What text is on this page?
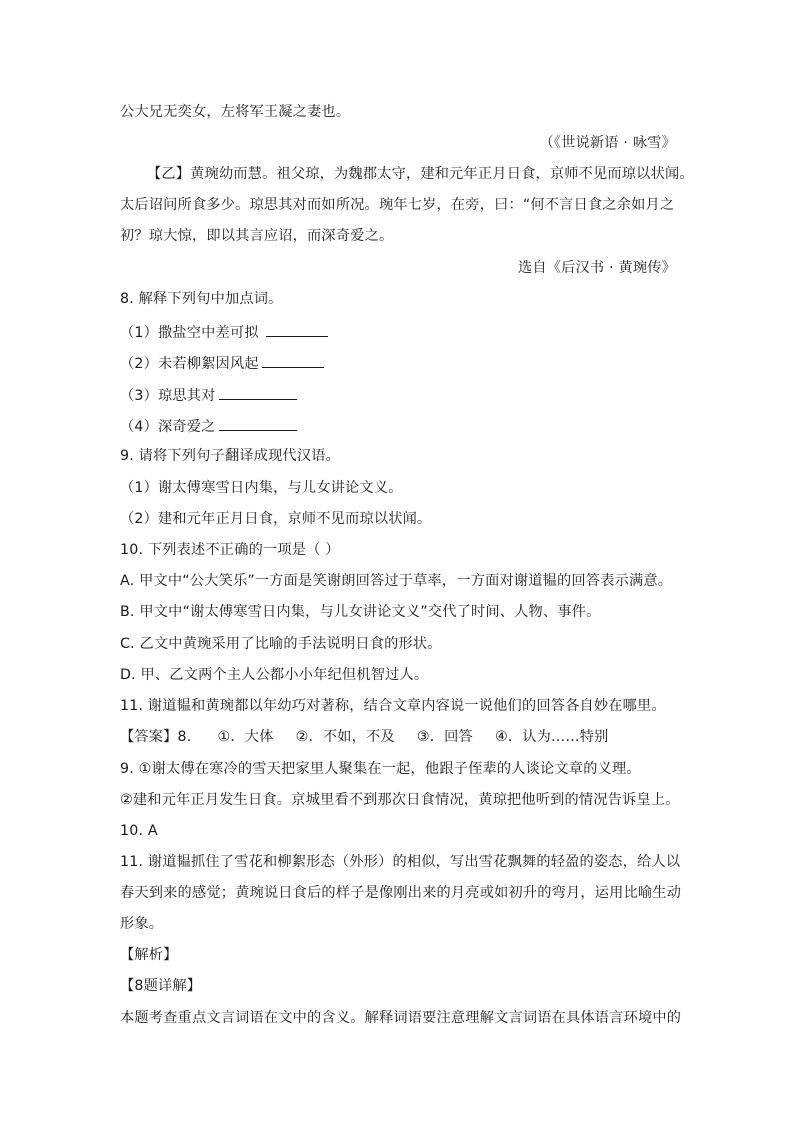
公大兄无奕女，左将军王凝之妻也。
（《世说新语 · 咏雪》
【乙】黄琬幼而慧。祖父琼，为魏郡太守，建和元年正月日食，京师不见而琼以状闻。
太后诏问所食多少。琼思其对而如所况。琬年七岁，在旁，曰：“何不言日食之余如月之
初？琼大惊，即以其言应诏，而深奇爱之。
选自《后汉书 · 黄琬传》
8. 解释下列句中加点词。
（1）撒盐空中差可拟
（2）未若柳絮因风起
（3）琼思其对
（4）深奇爱之
9. 请将下列句子翻译成现代汉语。
（1）谢太傅寒雪日内集，与儿女讲论文义。
（2）建和元年正月日食，京师不见而琼以状闻。
10. 下列表述不正确的一项是（ ）
A. 甲文中“公大笑乐”一方面是笑谢朗回答过于草率，一方面对谢道韫的回答表示满意。
B. 甲文中“谢太傅寒雪日内集，与儿女讲论文义”交代了时间、人物、事件。
C. 乙文中黄琬采用了比喻的手法说明日食的形状。
D. 甲、乙文两个主人公都小小年纪但机智过人。
11. 谢道韫和黄琬都以年幼巧对著称，结合文章内容说一说他们的回答各自妙在哪里。
【答案】8. ①．大体 ②．不如，不及 ③．回答 ④．认为……特别
9. ①谢太傅在寒冷的雪天把家里人聚集在一起，他跟子侄辈的人谈论文章的义理。
②建和元年正月发生日食。京城里看不到那次日食情况，黄琼把他听到的情况告诉皇上。
10. A
11. 谢道韫抓住了雪花和柳絮形态（外形）的相似，写出雪花飘舞的轻盈的姿态，给人以
春天到来的感觉；黄琬说日食后的样子是像刚出来的月亮或如初升的弯月，运用比喻生动
形象。
【解析】
【8题详解】
本题考查重点文言词语在文中的含义。解释词语要注意理解文言词语在具体语言环境中的
